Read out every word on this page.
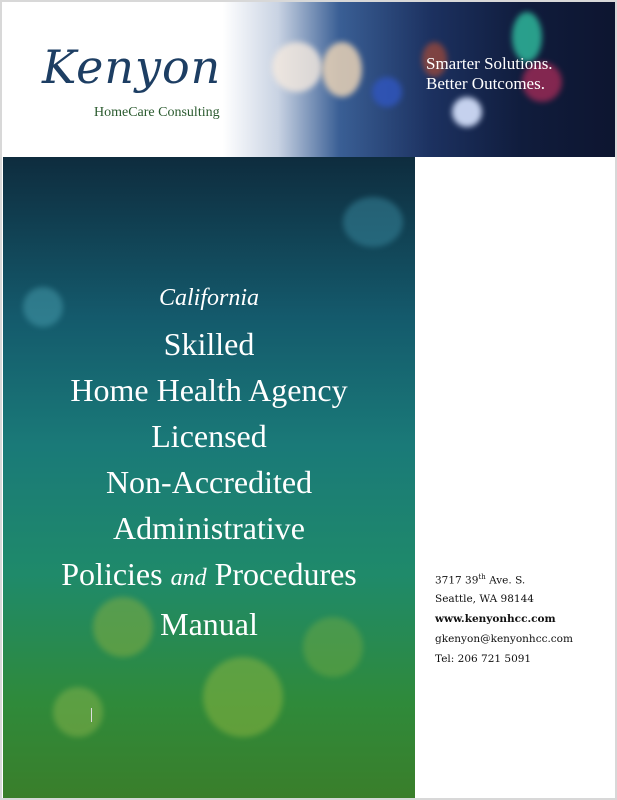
Kenyon
HomeCare Consulting
Smarter Solutions.
Better Outcomes.
California
Skilled
Home Health Agency
Licensed
Non-Accredited
Administrative
Policies and Procedures
Manual
3717 39th Ave. S.
Seattle, WA 98144
www.kenyonhcc.com
gkenyon@kenyonhcc.com
Tel: 206 721 5091
